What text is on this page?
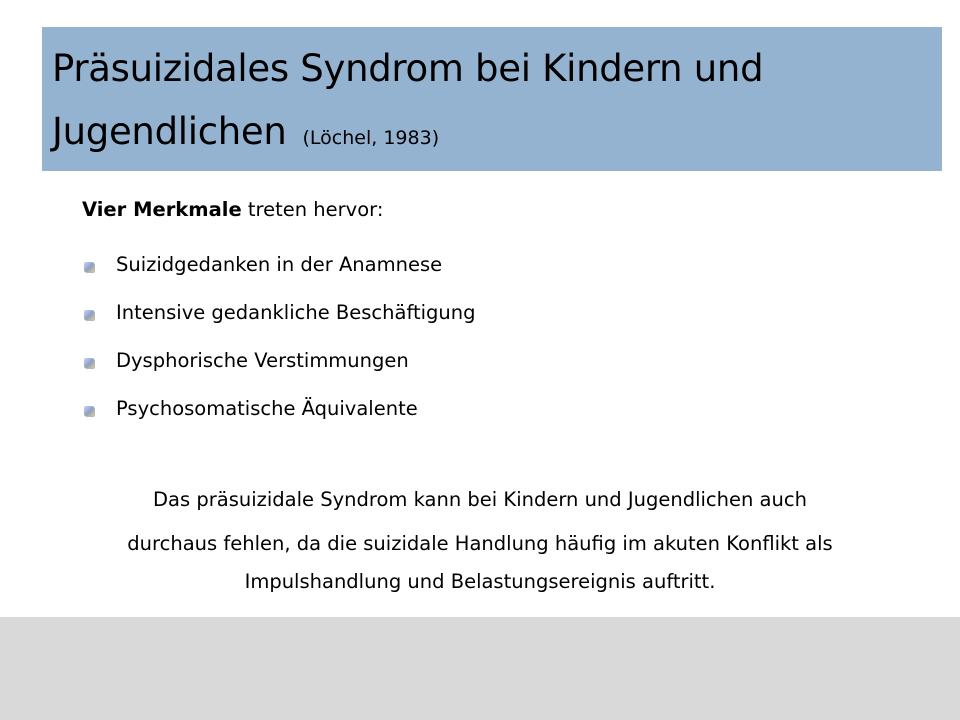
Präsuizidales Syndrom bei Kindern und
Jugendlichen (Löchel, 1983)
Vier Merkmale treten hervor:
Suizidgedanken in der Anamnese
Intensive gedankliche Beschäftigung
Dysphorische Verstimmungen
Psychosomatische Äquivalente
Das präsuizidale Syndrom kann bei Kindern und Jugendlichen auch
durchaus fehlen, da die suizidale Handlung häufig im akuten Konflikt als
Impulshandlung und Belastungsereignis auftritt.
